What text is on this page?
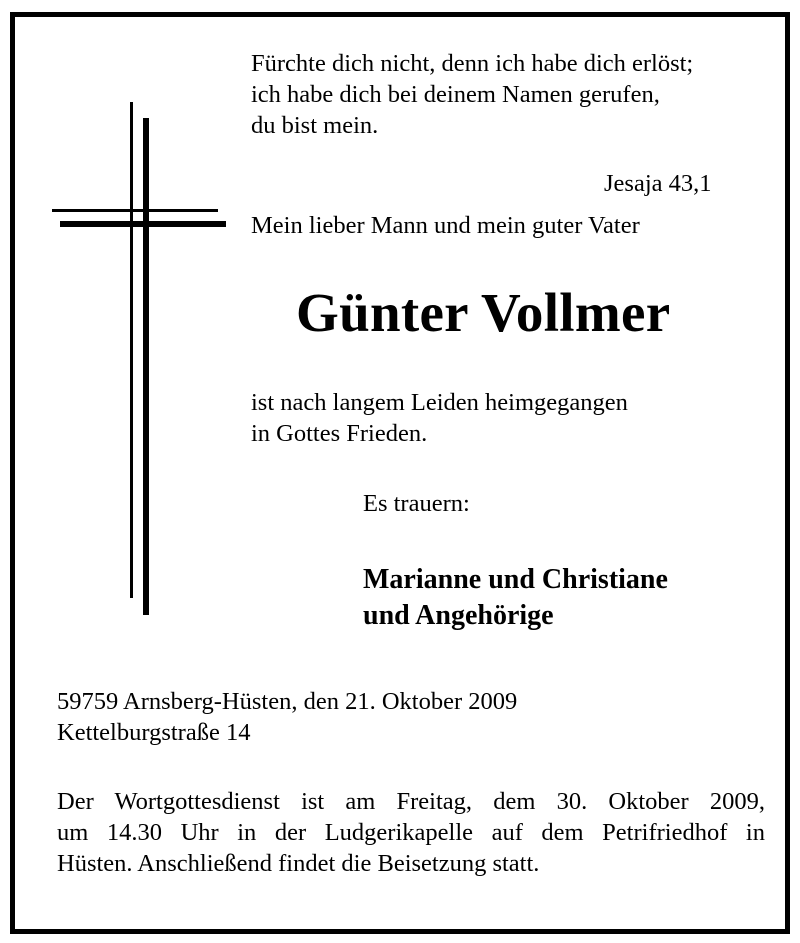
Fürchte dich nicht, denn ich habe dich erlöst;

ich habe dich bei deinem Namen gerufen,

du bist mein.

Jesaja 43,1

Mein lieber Mann und mein guter Vater

Günter Vollmer

ist nach langem Leiden heimgegangen

in Gottes Frieden.

Es trauern:

Marianne und Christiane
und Angehörige

59759 Arnsberg-Hüsten, den 21. Oktober 2009

Kettelburgstraße 14

Der Wortgottesdienst ist am Freitag, dem 30. Oktober 2009,
um 14.30 Uhr in der Ludgerikapelle auf dem Petrifriedhof in
Hüsten. Anschließend findet die Beisetzung statt.
